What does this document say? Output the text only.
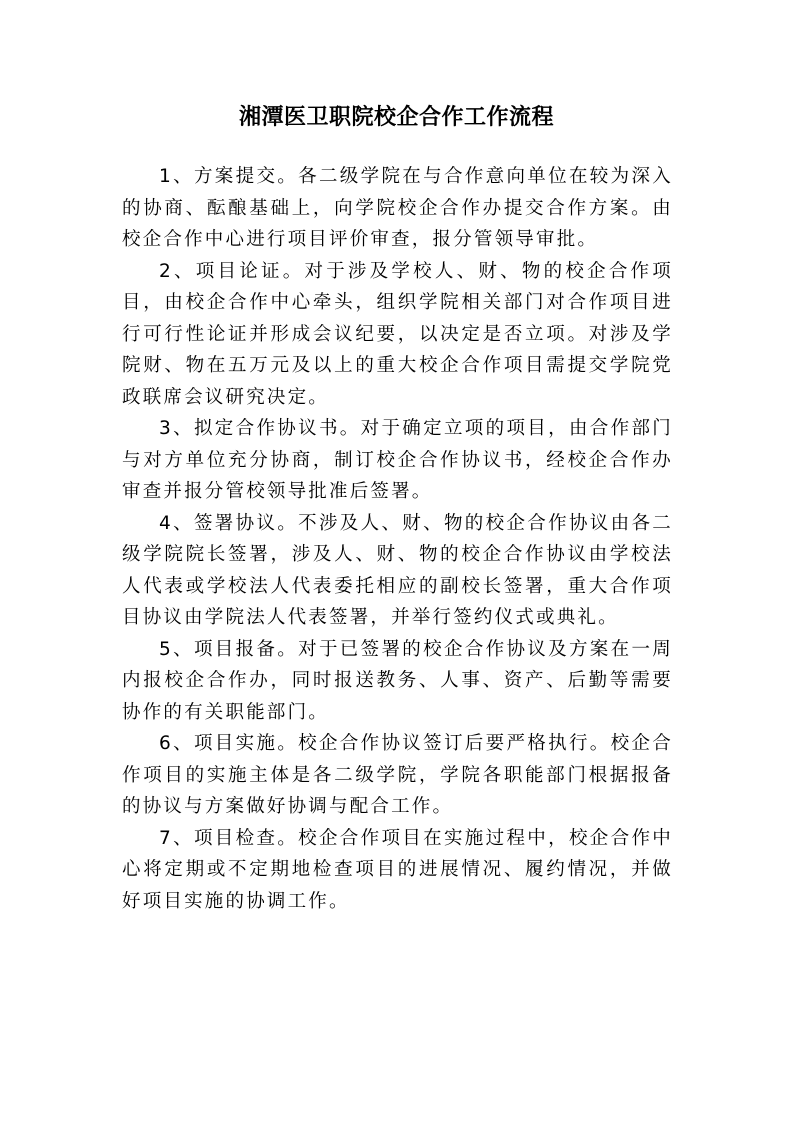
湘潭医卫职院校企合作工作流程

1、方案提交。各二级学院在与合作意向单位在较为深入的协商、酝酿基础上，向学院校企合作办提交合作方案。由校企合作中心进行项目评价审查，报分管领导审批。

2、项目论证。对于涉及学校人、财、物的校企合作项目，由校企合作中心牵头，组织学院相关部门对合作项目进行可行性论证并形成会议纪要，以决定是否立项。对涉及学院财、物在五万元及以上的重大校企合作项目需提交学院党政联席会议研究决定。

3、拟定合作协议书。对于确定立项的项目，由合作部门与对方单位充分协商，制订校企合作协议书，经校企合作办审查并报分管校领导批准后签署。

4、签署协议。不涉及人、财、物的校企合作协议由各二级学院院长签署，涉及人、财、物的校企合作协议由学校法人代表或学校法人代表委托相应的副校长签署，重大合作项目协议由学院法人代表签署，并举行签约仪式或典礼。

5、项目报备。对于已签署的校企合作协议及方案在一周内报校企合作办，同时报送教务、人事、资产、后勤等需要协作的有关职能部门。

6、项目实施。校企合作协议签订后要严格执行。校企合作项目的实施主体是各二级学院，学院各职能部门根据报备的协议与方案做好协调与配合工作。

7、项目检查。校企合作项目在实施过程中，校企合作中心将定期或不定期地检查项目的进展情况、履约情况，并做好项目实施的协调工作。
